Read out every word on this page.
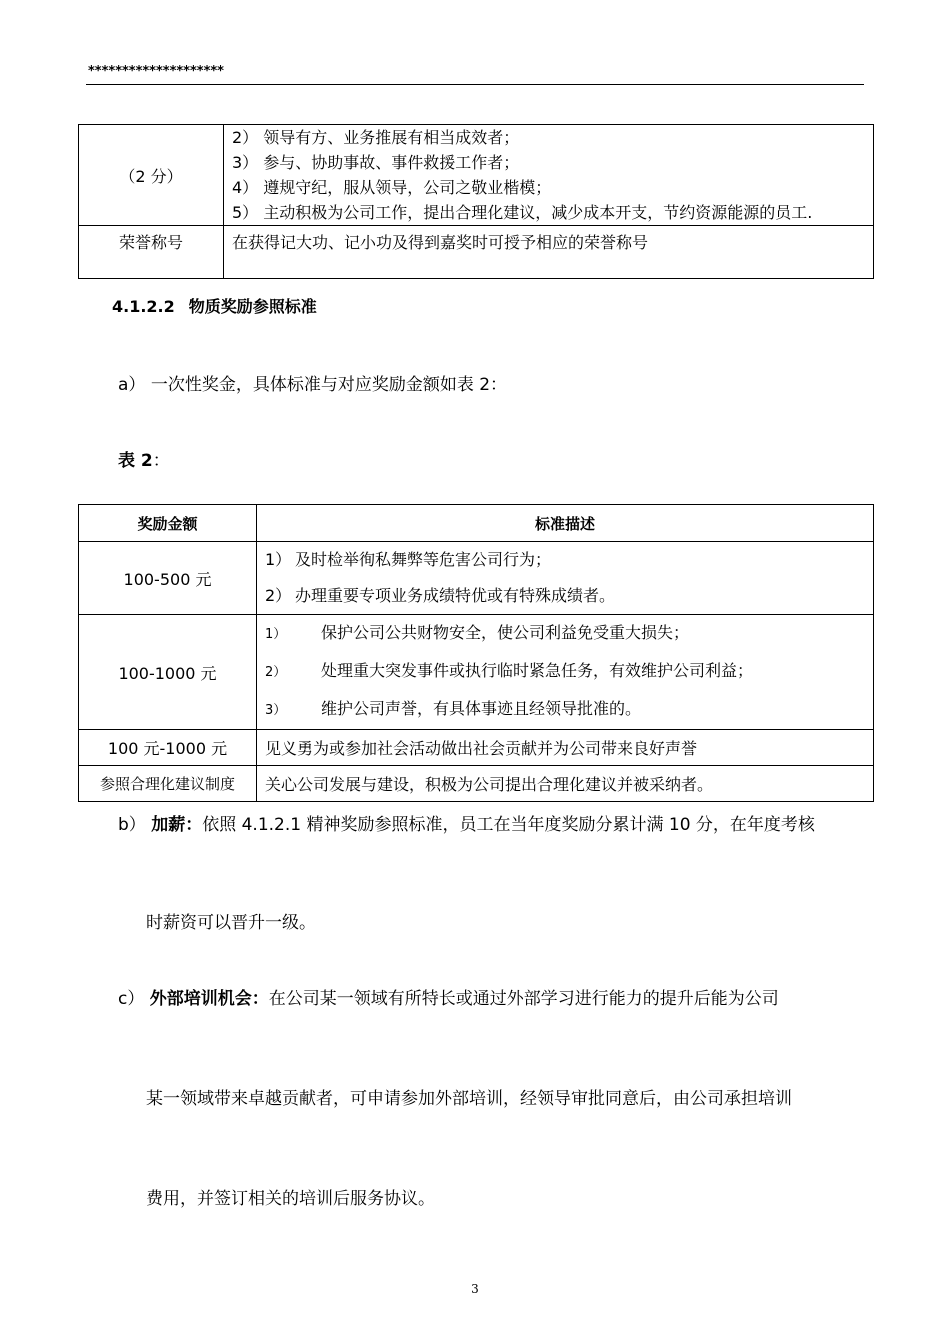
********************
（2 分）	2） 领导有方、业务推展有相当成效者；
3） 参与、协助事故、事件救援工作者；
4） 遵规守纪，服从领导，公司之敬业楷模；
5） 主动积极为公司工作，提出合理化建议，减少成本开支，节约资源能源的员工.

荣誉称号	在获得记大功、记小功及得到嘉奖时可授予相应的荣誉称号
4.1.2.2 物质奖励参照标准
a） 一次性奖金，具体标准与对应奖励金额如表 2：
表 2：
奖励金额	标准描述
100-500 元	1） 及时检举徇私舞弊等危害公司行为；
2） 办理重要专项业务成绩特优或有特殊成绩者。

100-1000 元	1） 保护公司公共财物安全，使公司利益免受重大损失；
2） 处理重大突发事件或执行临时紧急任务，有效维护公司利益；
3） 维护公司声誉，有具体事迹且经领导批准的。

100 元-1000 元	见义勇为或参加社会活动做出社会贡献并为公司带来良好声誉
参照合理化建议制度	关心公司发展与建设，积极为公司提出合理化建议并被采纳者。
b） 加薪：依照 4.1.2.1 精神奖励参照标准，员工在当年度奖励分累计满 10 分，在年度考核
时薪资可以晋升一级。
c） 外部培训机会：在公司某一领域有所特长或通过外部学习进行能力的提升后能为公司
某一领域带来卓越贡献者，可申请参加外部培训，经领导审批同意后，由公司承担培训
费用，并签订相关的培训后服务协议。
3
